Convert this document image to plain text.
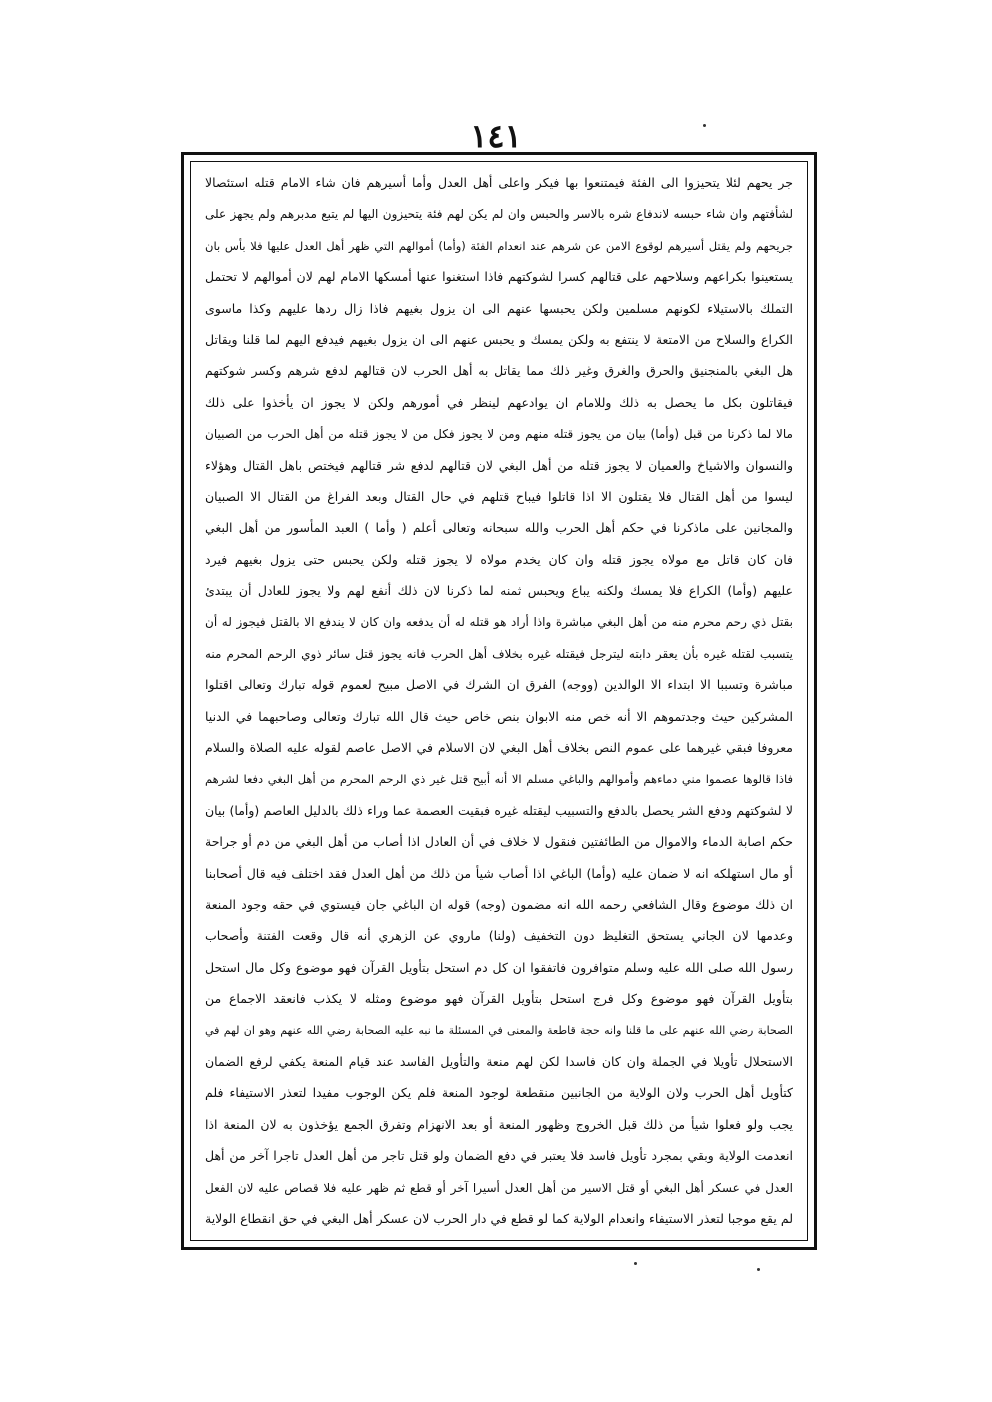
١٤١
جر يحهم لئلا يتحيزوا الى الفئة فيمتنعوا بها فيكر واعلى أهل العدل وأما أسيرهم فان شاء الامام قتله استئصالا
لشأفتهم وان شاء حبسه لاندفاع شره بالاسر والحبس وان لم يكن لهم فئة يتحيزون اليها لم يتبع مدبرهم ولم يجهز على
جريحهم ولم يقتل أسيرهم لوقوع الامن عن شرهم عند انعدام الفئة (وأما) أموالهم التي ظهر أهل العدل عليها فلا بأس بان
يستعينوا بكراعهم وسلاحهم على قتالهم كسرا لشوكتهم فاذا استغنوا عنها أمسكها الامام لهم لان أموالهم لا تحتمل
التملك بالاستيلاء لكونهم مسلمين ولكن يحبسها عنهم الى ان يزول بغيهم فاذا زال ردها عليهم وكذا ماسوى
الكراع والسلاح من الامتعة لا ينتفع به ولكن يمسك و يحبس عنهم الى ان يزول بغيهم فيدفع اليهم لما قلنا ويقاتل
هل البغي بالمنجنيق والحرق والغرق وغير ذلك مما يقاتل به أهل الحرب لان قتالهم لدفع شرهم وكسر شوكتهم
فيقاتلون بكل ما يحصل به ذلك وللامام ان يوادعهم لينظر في أمورهم ولكن لا يجوز ان يأخذوا على ذلك
مالا لما ذكرنا من قبل (وأما) بيان من يجوز قتله منهم ومن لا يجوز فكل من لا يجوز قتله من أهل الحرب من الصبيان
والنسوان والاشياخ والعميان لا يجوز قتله من أهل البغي لان قتالهم لدفع شر قتالهم فيختص باهل القتال وهؤلاء
ليسوا من أهل القتال فلا يقتلون الا اذا قاتلوا فيباح قتلهم في حال القتال وبعد الفراغ من القتال الا الصبيان
والمجانين على ماذكرنا في حكم أهل الحرب والله سبحانه وتعالى أعلم ( وأما ) العبد المأسور من أهل البغي
فان كان قاتل مع مولاه يجوز قتله وان كان يخدم مولاه لا يجوز قتله ولكن يحبس حتى يزول بغيهم فيرد
عليهم (وأما) الكراع فلا يمسك ولكنه يباع ويحبس ثمنه لما ذكرنا لان ذلك أنفع لهم ولا يجوز للعادل أن يبتدئ
بقتل ذي رحم محرم منه من أهل البغي مباشرة واذا أراد هو قتله له أن يدفعه وان كان لا يندفع الا بالقتل فيجوز له أن
يتسبب لقتله غيره بأن يعقر دابته ليترجل فيقتله غيره بخلاف أهل الحرب فانه يجوز قتل سائر ذوي الرحم المحرم منه
مباشرة وتسببا الا ابتداء الا الوالدين (ووجه) الفرق ان الشرك في الاصل مبيح لعموم قوله تبارك وتعالى اقتلوا
المشركين حيث وجدتموهم الا أنه خص منه الابوان بنص خاص حيث قال الله تبارك وتعالى وصاحبهما في الدنيا
معروفا فبقي غيرهما على عموم النص بخلاف أهل البغي لان الاسلام في الاصل عاصم لقوله عليه الصلاة والسلام
فاذا قالوها عصموا مني دماءهم وأموالهم والباغي مسلم الا أنه أبيح قتل غير ذي الرحم المحرم من أهل البغي دفعا لشرهم
لا لشوكتهم ودفع الشر يحصل بالدفع والتسبيب ليقتله غيره فبقيت العصمة عما وراء ذلك بالدليل العاصم (وأما) بيان
حكم اصابة الدماء والاموال من الطائفتين فنقول لا خلاف في أن العادل اذا أصاب من أهل البغي من دم أو جراحة
أو مال استهلكه انه لا ضمان عليه (وأما) الباغي اذا أصاب شيأ من ذلك من أهل العدل فقد اختلف فيه قال أصحابنا
ان ذلك موضوع وقال الشافعي رحمه الله انه مضمون (وجه) قوله ان الباغي جان فيستوي في حقه وجود المنعة
وعدمها لان الجاني يستحق التغليظ دون التخفيف (ولنا) ماروي عن الزهري أنه قال وقعت الفتنة وأصحاب
رسول الله صلى الله عليه وسلم متوافرون فاتفقوا ان كل دم استحل بتأويل القرآن فهو موضوع وكل مال استحل
بتأويل القرآن فهو موضوع وكل فرج استحل بتأويل القرآن فهو موضوع ومثله لا يكذب فانعقد الاجماع من
الصحابة رضي الله عنهم على ما قلنا وانه حجة قاطعة والمعنى في المسئلة ما نبه عليه الصحابة رضي الله عنهم وهو ان لهم في
الاستحلال تأويلا في الجملة وان كان فاسدا لكن لهم منعة والتأويل الفاسد عند قيام المنعة يكفي لرفع الضمان
كتأويل أهل الحرب ولان الولاية من الجانبين منقطعة لوجود المنعة فلم يكن الوجوب مفيدا لتعذر الاستيفاء فلم
يجب ولو فعلوا شيأ من ذلك قبل الخروج وظهور المنعة أو بعد الانهزام وتفرق الجمع يؤخذون به لان المنعة اذا
انعدمت الولاية وبقي بمجرد تأويل فاسد فلا يعتبر في دفع الضمان ولو قتل تاجر من أهل العدل تاجرا آخر من أهل
العدل في عسكر أهل البغي أو قتل الاسير من أهل العدل أسيرا آخر أو قطع ثم ظهر عليه فلا قصاص عليه لان الفعل
لم يقع موجبا لتعذر الاستيفاء وانعدام الولاية كما لو قطع في دار الحرب لان عسكر أهل البغي في حق انقطاع الولاية
